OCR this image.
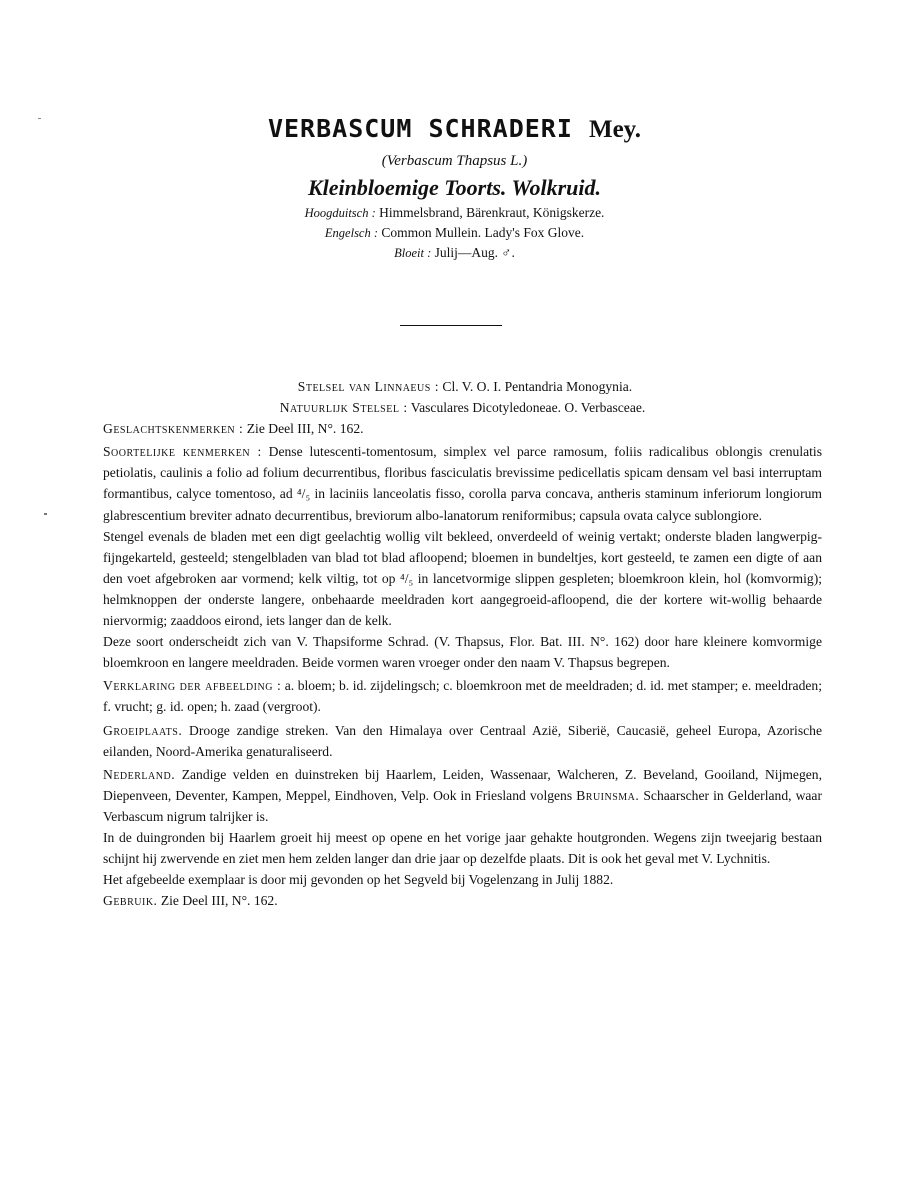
VERBASCUM SCHRADERI Mey.
(Verbascum Thapsus L.)
Kleinbloemige Toorts. Wolkruid.
Hoogduitsch : Himmelsbrand, Bärenkraut, Königskerze.
Engelsch : Common Mullein. Lady's Fox Glove.
Bloeit : Julij—Aug. ♂.

Stelsel van Linnaeus : Cl. V. O. I. Pentandria Monogynia.

Natuurlijk Stelsel : Vasculares Dicotyledoneae. O. Verbasceae.

Geslachtskenmerken : Zie Deel III, N°. 162.

Soortelijke kenmerken : Dense lutescenti-tomentosum, simplex vel parce ramosum, foliis radicalibus oblongis crenulatis petiolatis, caulinis a folio ad folium decurrentibus, floribus fasciculatis brevissime pedicellatis spicam densam vel basi interruptam formantibus, calyce tomentoso, ad ⁴/₅ in laciniis lanceolatis fisso, corolla parva concava, antheris staminum inferiorum longiorum glabrescentium breviter adnato decurrentibus, breviorum albo-lanatorum reniformibus; capsula ovata calyce sublongiore.

Stengel evenals de bladen met een digt geelachtig wollig vilt bekleed, onverdeeld of weinig vertakt; onderste bladen langwerpig-fijngekarteld, gesteeld; stengelbladen van blad tot blad afloopend; bloemen in bundeltjes, kort gesteeld, te zamen een digte of aan den voet afgebroken aar vormend; kelk viltig, tot op ⁴/₅ in lancetvormige slippen gespleten; bloemkroon klein, hol (komvormig); helmknoppen der onderste langere, onbehaarde meeldraden kort aangegroeid-afloopend, die der kortere wit-wollig behaarde niervormig; zaaddoos eirond, iets langer dan de kelk.

Deze soort onderscheidt zich van V. Thapsiforme Schrad. (V. Thapsus, Flor. Bat. III. N°. 162) door hare kleinere komvormige bloemkroon en langere meeldraden. Beide vormen waren vroeger onder den naam V. Thapsus begrepen.

Verklaring der afbeelding : a. bloem; b. id. zijdelingsch; c. bloemkroon met de meeldraden; d. id. met stamper; e. meeldraden; f. vrucht; g. id. open; h. zaad (vergroot).

Groeiplaats. Drooge zandige streken. Van den Himalaya over Centraal Azië, Siberië, Caucasië, geheel Europa, Azorische eilanden, Noord-Amerika genaturaliseerd.

Nederland. Zandige velden en duinstreken bij Haarlem, Leiden, Wassenaar, Walcheren, Z. Beveland, Gooiland, Nijmegen, Diepenveen, Deventer, Kampen, Meppel, Eindhoven, Velp. Ook in Friesland volgens Bruinsma. Schaarscher in Gelderland, waar Verbascum nigrum talrijker is.

In de duingronden bij Haarlem groeit hij meest op opene en het vorige jaar gehakte houtgronden. Wegens zijn tweejarig bestaan schijnt hij zwervende en ziet men hem zelden langer dan drie jaar op dezelfde plaats. Dit is ook het geval met V. Lychnitis.

Het afgebeelde exemplaar is door mij gevonden op het Segveld bij Vogelenzang in Julij 1882.

Gebruik. Zie Deel III, N°. 162.
